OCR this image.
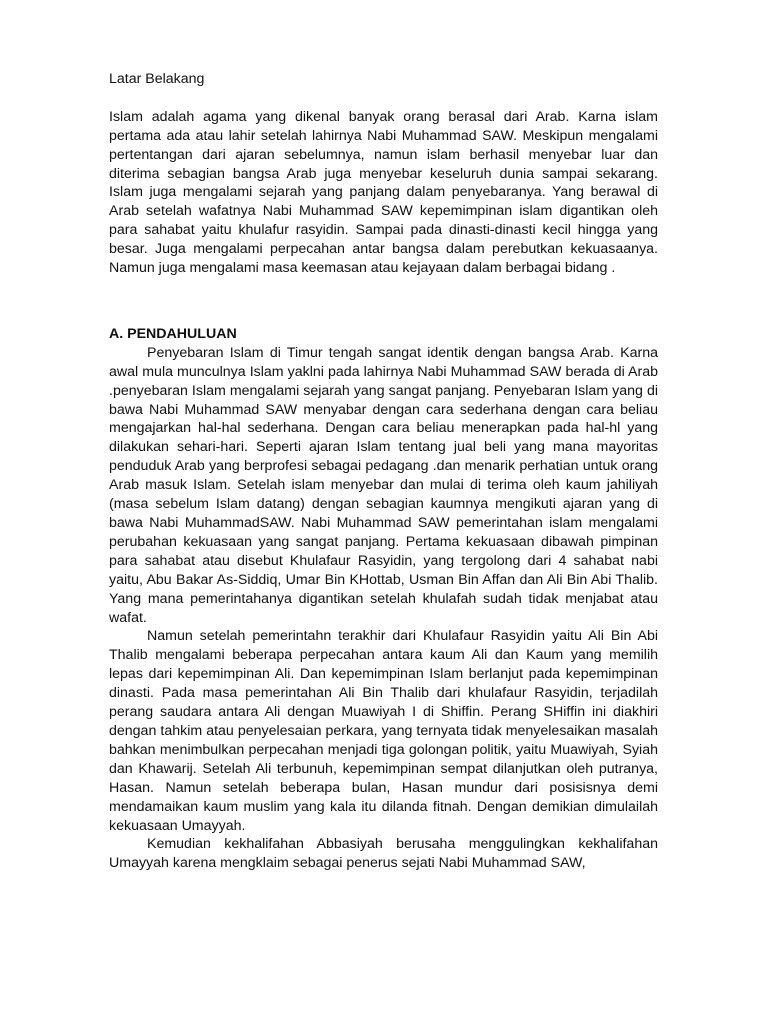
Latar Belakang

Islam adalah agama yang dikenal banyak orang berasal dari Arab. Karna islam pertama ada atau lahir setelah lahirnya Nabi Muhammad SAW. Meskipun mengalami pertentangan dari ajaran sebelumnya, namun islam berhasil menyebar luar dan diterima sebagian bangsa Arab juga menyebar keseluruh dunia sampai sekarang. Islam juga mengalami sejarah yang panjang dalam penyebaranya. Yang berawal di Arab setelah wafatnya Nabi Muhammad SAW kepemimpinan islam digantikan oleh para sahabat yaitu khulafur rasyidin. Sampai pada dinasti-dinasti kecil hingga yang besar. Juga mengalami perpecahan antar bangsa dalam perebutkan kekuasaanya. Namun juga mengalami masa keemasan atau kejayaan dalam berbagai bidang .

A. PENDAHULUAN

Penyebaran Islam di Timur tengah sangat identik dengan bangsa Arab. Karna awal mula munculnya Islam yaklni pada lahirnya Nabi Muhammad SAW berada di Arab .penyebaran Islam mengalami sejarah yang sangat panjang. Penyebaran Islam yang di bawa Nabi Muhammad SAW menyabar dengan cara sederhana dengan cara beliau mengajarkan hal-hal sederhana. Dengan cara beliau menerapkan pada hal-hl yang dilakukan sehari-hari. Seperti ajaran Islam tentang jual beli yang mana mayoritas penduduk Arab yang berprofesi sebagai pedagang .dan menarik perhatian untuk orang Arab masuk Islam. Setelah islam menyebar dan mulai di terima oleh kaum jahiliyah (masa sebelum Islam datang) dengan sebagian kaumnya mengikuti ajaran yang di bawa Nabi MuhammadSAW. Nabi Muhammad SAW pemerintahan islam mengalami perubahan kekuasaan yang sangat panjang. Pertama kekuasaan dibawah pimpinan para sahabat atau disebut Khulafaur Rasyidin, yang tergolong dari 4 sahabat nabi yaitu, Abu Bakar As-Siddiq, Umar Bin KHottab, Usman Bin Affan dan Ali Bin Abi Thalib. Yang mana pemerintahanya digantikan setelah khulafah sudah tidak menjabat atau wafat.

Namun setelah pemerintahn terakhir dari Khulafaur Rasyidin yaitu Ali Bin Abi Thalib mengalami beberapa perpecahan antara kaum Ali dan Kaum yang memilih lepas dari kepemimpinan Ali. Dan kepemimpinan Islam berlanjut pada kepemimpinan dinasti. Pada masa pemerintahan Ali Bin Thalib dari khulafaur Rasyidin, terjadilah perang saudara antara Ali dengan Muawiyah I di Shiffin. Perang SHiffin ini diakhiri dengan tahkim atau penyelesaian perkara, yang ternyata tidak menyelesaikan masalah bahkan menimbulkan perpecahan menjadi tiga golongan politik, yaitu Muawiyah, Syiah dan Khawarij. Setelah Ali terbunuh, kepemimpinan sempat dilanjutkan oleh putranya, Hasan. Namun setelah beberapa bulan, Hasan mundur dari posisisnya demi mendamaikan kaum muslim yang kala itu dilanda fitnah. Dengan demikian dimulailah kekuasaan Umayyah.

Kemudian kekhalifahan Abbasiyah berusaha menggulingkan kekhalifahan Umayyah karena mengklaim sebagai penerus sejati Nabi Muhammad SAW,
